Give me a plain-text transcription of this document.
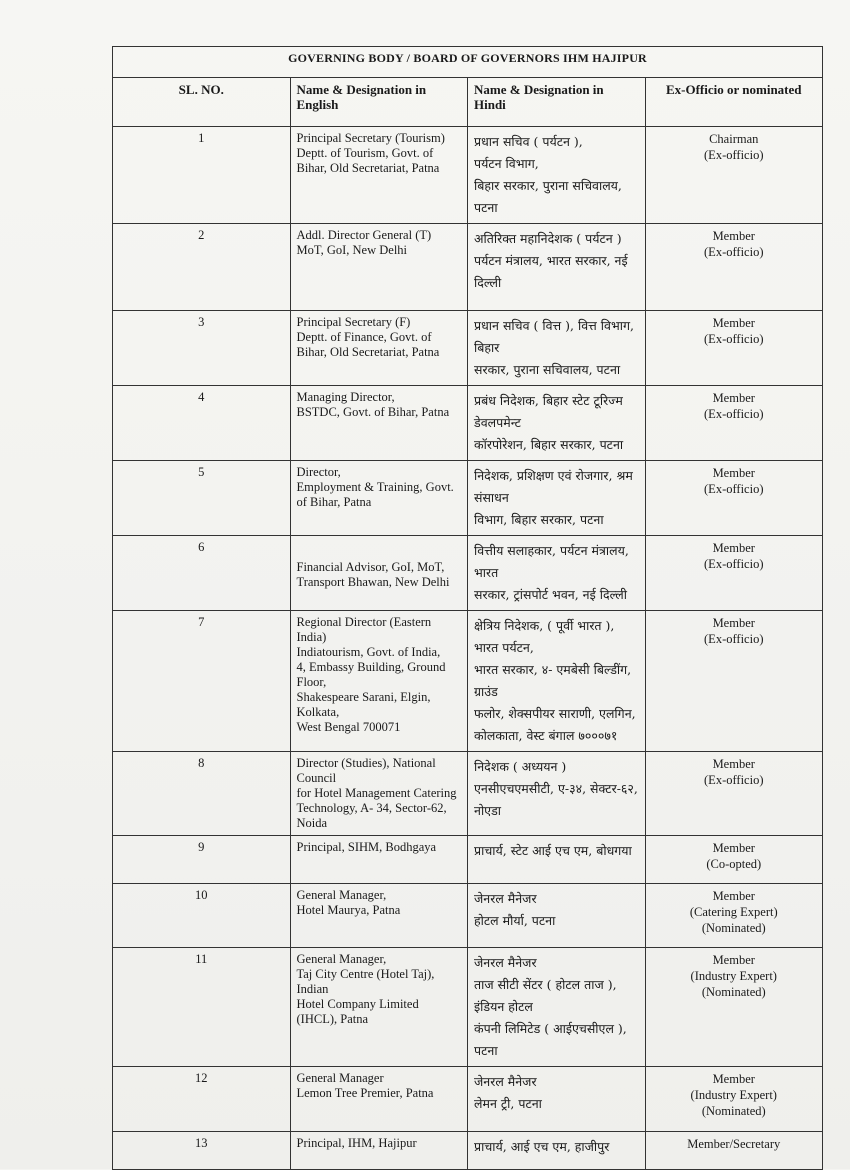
GOVERNING BODY / BOARD OF GOVERNORS IHM HAJIPUR			
SL. NO.	Name & Designation in English	Name & Designation in Hindi	Ex-Officio or nominated
1	Principal Secretary (Tourism)
Deptt. of Tourism, Govt. of Bihar, Old Secretariat, Patna	प्रधान सचिव ( पर्यटन ),
पर्यटन विभाग,
बिहार सरकार, पुराना सचिवालय, पटना	Chairman
(Ex-officio)

2	Addl. Director General (T)
MoT, GoI, New Delhi	अतिरिक्त महानिदेशक ( पर्यटन )
पर्यटन मंत्रालय, भारत सरकार, नई दिल्ली	Member
(Ex-officio)

3	Principal Secretary (F)
Deptt. of Finance, Govt. of Bihar, Old Secretariat, Patna	प्रधान सचिव ( वित्त ), वित्त विभाग, बिहार
सरकार, पुराना सचिवालय, पटना	Member
(Ex-officio)

4	Managing Director,
BSTDC, Govt. of Bihar, Patna	प्रबंध निदेशक, बिहार स्टेट टूरिज्म डेवलपमेन्ट
कॉरपोरेशन, बिहार सरकार, पटना	Member
(Ex-officio)

5	Director,
Employment & Training, Govt. of Bihar, Patna	निदेशक, प्रशिक्षण एवं रोजगार, श्रम संसाधन
विभाग, बिहार सरकार, पटना	Member
(Ex-officio)

6	Financial Advisor, GoI, MoT,
Transport Bhawan, New Delhi	वित्तीय सलाहकार, पर्यटन मंत्रालय, भारत
सरकार, ट्रांसपोर्ट भवन, नई दिल्ली	Member
(Ex-officio)

7	Regional Director (Eastern India)
Indiatourism, Govt. of India,
4, Embassy Building, Ground Floor,
Shakespeare Sarani, Elgin, Kolkata,
West Bengal 700071	क्षेत्रिय निदेशक, ( पूर्वी भारत ), भारत पर्यटन,
भारत सरकार, ४- एमबेसी बिल्डींग, ग्राउंड
फलोर, शेक्सपीयर साराणी, एलगिन,
कोलकाता, वेस्ट बंगाल ७०००७१	Member
(Ex-officio)

8	Director (Studies), National Council
for Hotel Management Catering
Technology, A- 34, Sector-62, Noida	निदेशक ( अध्ययन )
एनसीएचएमसीटी, ए-३४, सेक्टर-६२, नोएडा	Member
(Ex-officio)

9	Principal, SIHM, Bodhgaya	प्राचार्य, स्टेट आई एच एम, बोधगया	Member
(Co-opted)

10	General Manager,
Hotel Maurya, Patna	जेनरल मैनेजर
होटल मौर्या, पटना	Member
(Catering Expert)
(Nominated)

11	General Manager,
Taj City Centre (Hotel Taj), Indian
Hotel Company Limited (IHCL), Patna	जेनरल मैनेजर
ताज सीटी सेंटर ( होटल ताज ), इंडियन होटल
कंपनी लिमिटेड ( आईएचसीएल ), पटना	Member
(Industry Expert)
(Nominated)

12	General Manager
Lemon Tree Premier, Patna	जेनरल मैनेजर
लेमन ट्री, पटना	Member
(Industry Expert)
(Nominated)

13	Principal, IHM, Hajipur	प्राचार्य, आई एच एम, हाजीपुर	Member/Secretary
